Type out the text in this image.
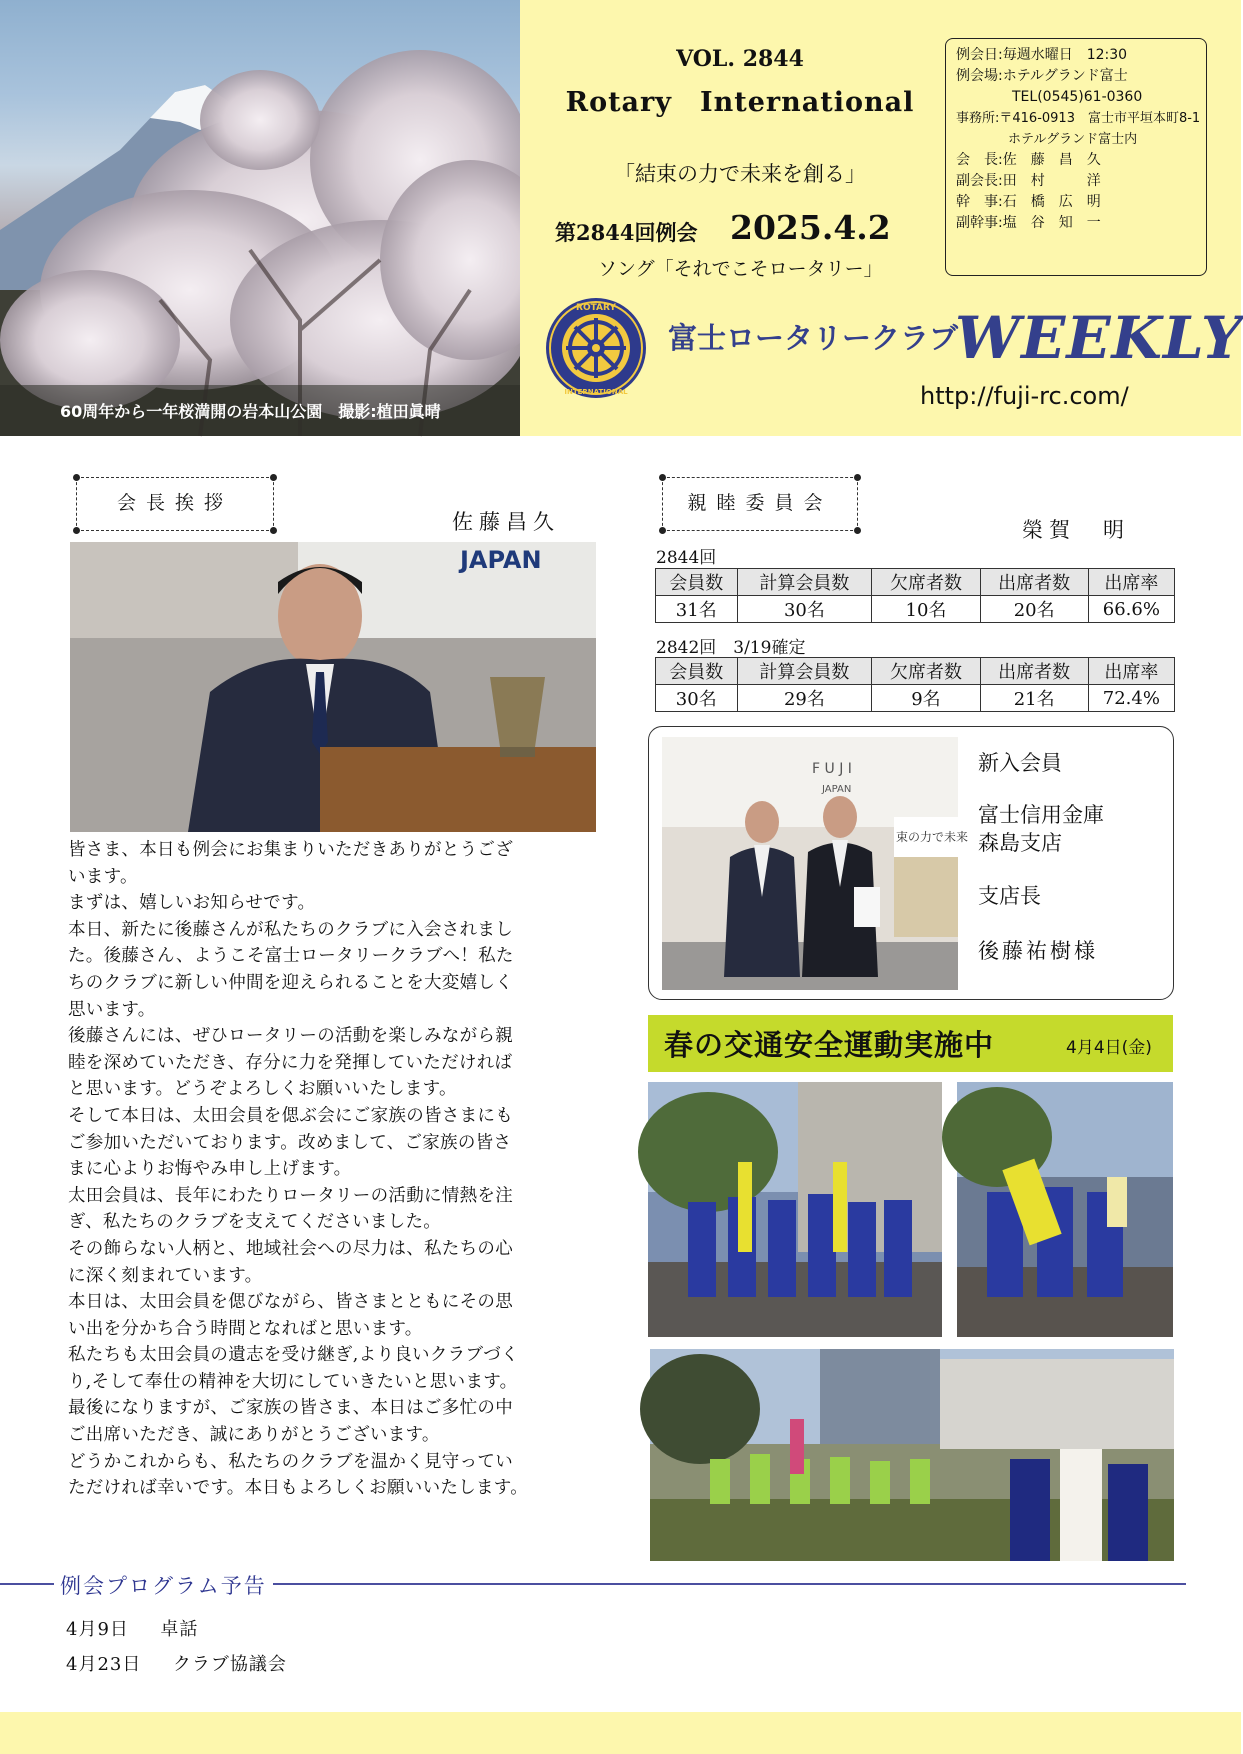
60周年から一年桜満開の岩本山公園　撮影:植田眞晴
VOL. 2844
Rotary　International
「結束の力で未来を創る」
第2844回例会 2025.4.2
ソング「それでこそロータリー」
例会日:毎週水曜日　12:30
例会場:ホテルグランド富士
　　　　TEL(0545)61-0360
事務所:〒416-0913　富士市平垣本町8-1
　　　　ホテルグランド富士内
会　長:佐　藤　昌　久
副会長:田　村　　　洋
幹　事:石　橋　広　明
副幹事:塩　谷　知　一
ROTARY
INTERNATIONAL
富士ロータリークラブ
WEEKLY
http://fuji-rc.com/
会長挨拶
佐藤昌久
JAPAN

皆さま、本日も例会にお集まりいただきありがとうござ

います。

まずは、嬉しいお知らせです。

本日、新たに後藤さんが私たちのクラブに入会されまし

た。後藤さん、ようこそ富士ロータリークラブへ！私た

ちのクラブに新しい仲間を迎えられることを大変嬉しく

思います。

後藤さんには、ぜひロータリーの活動を楽しみながら親

睦を深めていただき、存分に力を発揮していただければ

と思います。どうぞよろしくお願いいたします。

そして本日は、太田会員を偲ぶ会にご家族の皆さまにも

ご参加いただいております。改めまして、ご家族の皆さ

まに心よりお悔やみ申し上げます。

太田会員は、長年にわたりロータリーの活動に情熱を注

ぎ、私たちのクラブを支えてくださいました。

その飾らない人柄と、地域社会への尽力は、私たちの心

に深く刻まれています。

本日は、太田会員を偲びながら、皆さまとともにその思

い出を分かち合う時間となればと思います。

私たちも太田会員の遺志を受け継ぎ,より良いクラブづく

り,そして奉仕の精神を大切にしていきたいと思います。

最後になりますが、ご家族の皆さま、本日はご多忙の中

ご出席いただき、誠にありがとうございます。

どうかこれからも、私たちのクラブを温かく見守ってい

ただければ幸いです。本日もよろしくお願いいたします。

親睦委員会
榮賀　明
2844回
会員数	計算会員数	欠席者数	出席者数	出席率
31名	30名	10名	20名	66.6%
2842回　3/19確定
会員数	計算会員数	欠席者数	出席者数	出席率
30名	29名	9名	21名	72.4%
F U J I
JAPAN
束の力で未来
新入会員
富士信用金庫
森島支店
支店長
後藤祐樹様
春の交通安全運動実施中	4月4日(金)
例会プログラム予告
4月9日 卓話
4月23日 クラブ協議会
